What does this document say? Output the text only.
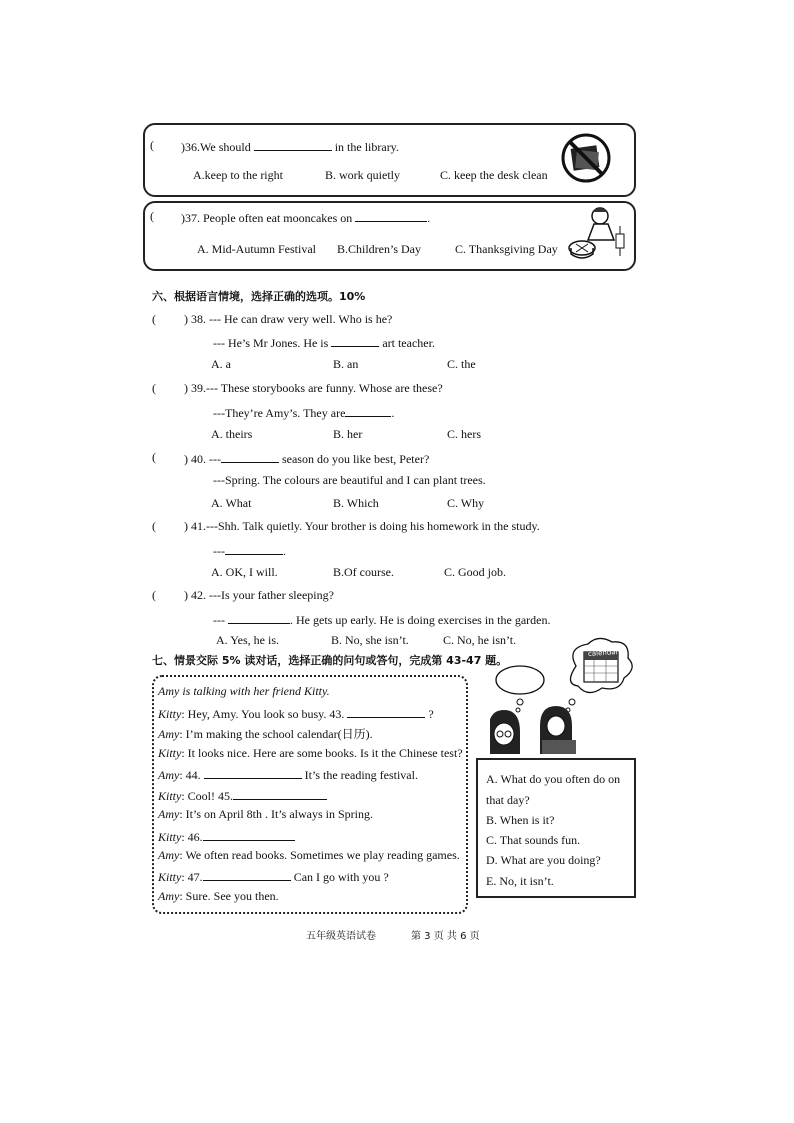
( )36.We should	in the library.
A.keep to the right	B. work quietly	C. keep the desk clean
( )37. People often eat mooncakes on	.
A. Mid-Autumn Festival B.Children’s Day	C. Thanksgiving Day
六、根据语言情境，选择正确的选项。10%
( ) 38. --- He can draw very well. Who is he?
--- He’s Mr Jones. He is	art teacher.
A. a	B. an	C. the
( ) 39.--- These storybooks are funny. Whose are these?
---They’re Amy’s. They are	.
A. theirs	B. her	C. hers
( ) 40. ---	season do you like best, Peter?
---Spring. The colours are beautiful and I can plant trees.
A. What	B. Which	C. Why
( ) 41.---Shh. Talk quietly. Your brother is doing his homework in the study.
---	.
A. OK, I will.	B.Of course.	C. Good job.
( ) 42. ---Is your father sleeping?
---	. He gets up early. He is doing exercises in the garden.
A. Yes, he is.	B. No, she isn’t.	C. No, he isn’t.
七、情景交际 5% 读对话，选择正确的问句或答句，完成第 43-47 题。
calendar
Amy is talking with her friend Kitty.
Kitty: Hey, Amy. You look so busy. 43.	?
Amy: I’m making the school calendar(日历).
Kitty: It looks nice. Here are some books. Is it the Chinese test?
Amy: 44.	It’s the reading festival.
Kitty: Cool! 45.
Amy: It’s on April 8th . It’s always in Spring.
Kitty: 46.
Amy: We often read books. Sometimes we play reading games.
Kitty: 47.	Can I go with you ?
Amy: Sure. See you then.
A. What do you often do on
that day?
B. When is it?
C. That sounds fun.
D. What are you doing?
E. No, it isn’t.
五年级英语试卷	第 3 页 共 6 页
